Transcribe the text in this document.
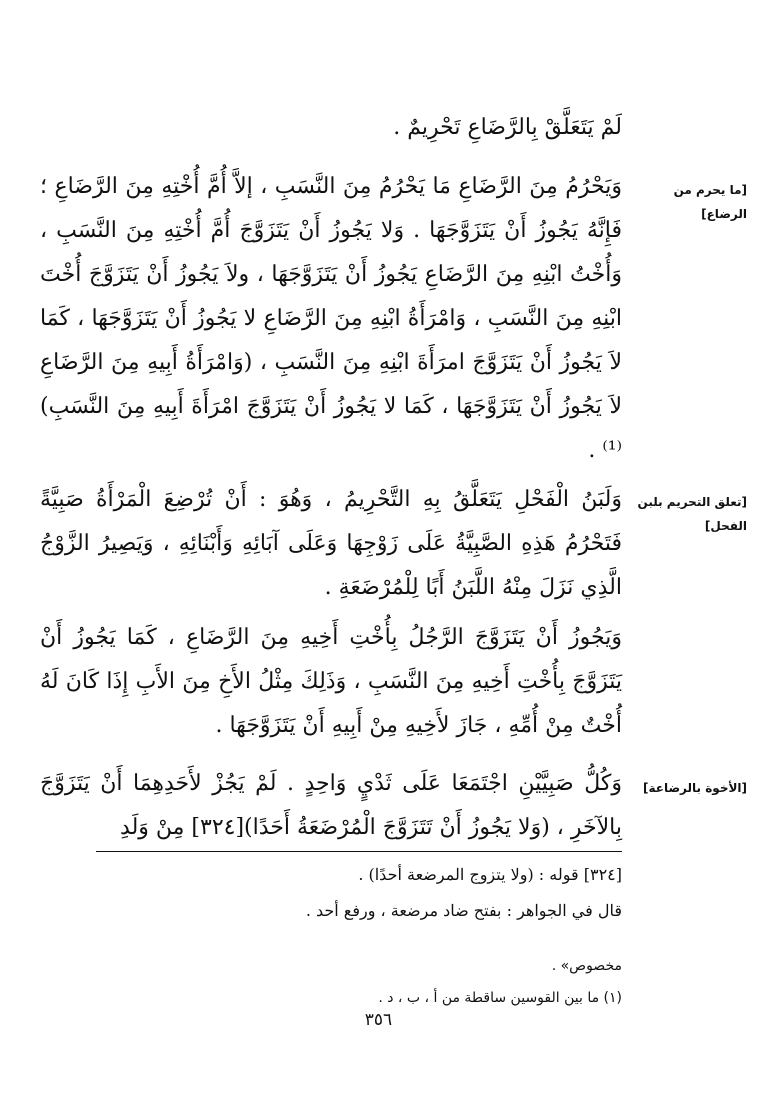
لَمْ يَتَعَلَّقْ بِالرَّضَاعِ تَحْرِيمٌ .

[ما يحرم من الرضاع]

وَيَحْرُمُ مِنَ الرَّضَاعِ مَا يَحْرُمُ مِنَ النَّسَبِ ، إلاَّ أُمَّ أُخْتِهِ مِنَ الرَّضَاعِ ؛ فَإِنَّهُ يَجُوزُ أَنْ يَتَزَوَّجَهَا . وَلا يَجُوزُ أَنْ يَتَزَوَّجَ أُمَّ أُخْتِهِ مِنَ النَّسَبِ ، وَأُخْتُ ابْنِهِ مِنَ الرَّضَاعِ يَجُوزُ أَنْ يَتَزَوَّجَهَا ، ولاَ يَجُوزُ أَنْ يَتَزَوَّجَ أُخْتَ ابْنِهِ مِنَ النَّسَبِ ، وَامْرَأَةُ ابْنِهِ مِنَ الرَّضَاعِ لا يَجُوزُ أَنْ يَتَزَوَّجَهَا ، كَمَا لاَ يَجُوزُ أَنْ يَتَزَوَّجَ امرَأَةَ ابْنِهِ مِنَ النَّسَبِ ، (وَامْرَأَةُ أَبِيهِ مِنَ الرَّضَاعِ لاَ يَجُوزُ أَنْ يَتَزَوَّجَهَا ، كَمَا لا يَجُوزُ أَنْ يَتَزَوَّجَ امْرَأَةَ أَبِيهِ مِنَ النَّسَبِ)⁽¹⁾ .

[تعلق التحريم بلبن الفحل]

وَلَبَنُ الْفَحْلِ يَتَعَلَّقُ بِهِ التَّحْرِيمُ ، وَهُوَ : أَنْ تُرْضِعَ الْمَرْأَةُ صَبِيَّةً فَتَحْرُمُ هَذِهِ الصَّبِيَّةُ عَلَى زَوْجِهَا وَعَلَى آبَائِهِ وَأَبْنَائِهِ ، وَيَصِيرُ الزَّوْجُ الَّذِي نَزَلَ مِنْهُ اللَّبَنُ أَبًا لِلْمُرْضَعَةِ .

وَيَجُوزُ أَنْ يَتَزَوَّجَ الرَّجُلُ بِأُخْتِ أَخِيهِ مِنَ الرَّضَاعِ ، كَمَا يَجُوزُ أَنْ يَتَزَوَّجَ بِأُخْتِ أَخِيهِ مِنَ النَّسَبِ ، وَذَلِكَ مِثْلُ الأَخِ مِنَ الأَبِ إِذَا كَانَ لَهُ أُخْتٌ مِنْ أُمِّهِ ، جَازَ لأَخِيهِ مِنْ أَبِيهِ أَنْ يَتَزَوَّجَهَا .

[الأخوة بالرضاعة]

وَكُلُّ صَبِيَّيْنِ اجْتَمَعَا عَلَى ثَدْيٍ وَاحِدٍ . لَمْ يَجُزْ لأَحَدِهِمَا أَنْ يَتَزَوَّجَ بِالآخَرِ ، (وَلا يَجُوزُ أَنْ تَتَزَوَّجَ الْمُرْضَعَةُ أَحَدًا)[٣٢٤] مِنْ وَلَدِ

[٣٢٤] قوله : (ولا يتزوج المرضعة أحدًا) .

قال في الجواهر : بفتح ضاد مرضعة ، ورفع أحد .

مخصوص» .

(١) ما بين القوسين ساقطة من أ ، ب ، د .

٣٥٦
